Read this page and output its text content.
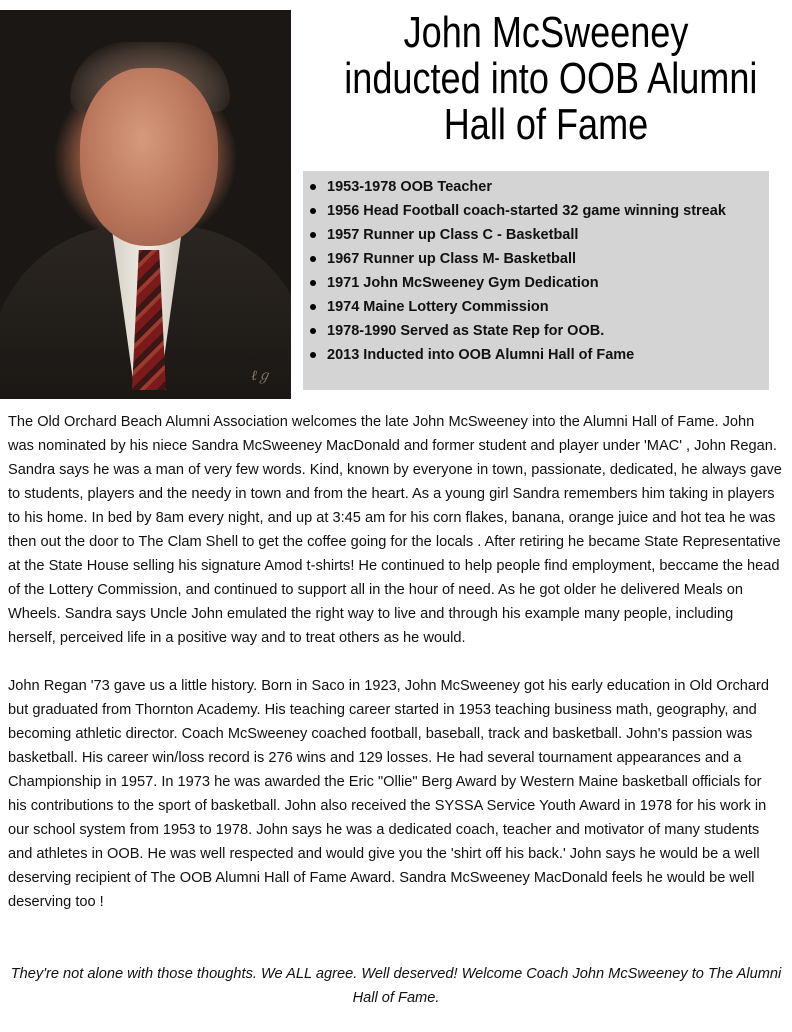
ℓℊ
John McSweeney
inducted into OOB Alumni
Hall of Fame
1953-1978 OOB Teacher
1956 Head Football coach-started 32 game winning streak
1957 Runner up Class C - Basketball
1967 Runner up Class M- Basketball
1971 John McSweeney Gym Dedication
1974 Maine Lottery Commission
1978-1990 Served as State Rep for OOB.
2013 Inducted into OOB Alumni Hall of Fame

The Old Orchard Beach Alumni Association welcomes the late John McSweeney into the Alumni Hall of Fame. John was nominated by his niece Sandra McSweeney MacDonald and former student and player under 'MAC' , John Regan. Sandra says he was a man of very few words. Kind, known by everyone in town, passionate, dedicated, he always gave to students, players and the needy in town and from the heart. As a young girl Sandra remembers him taking in players to his home. In bed by 8am every night, and up at 3:45 am for his corn flakes, banana, orange juice and hot tea he was then out the door to The Clam Shell to get the coffee going for the locals . After retiring he became State Representative at the State House selling his signature Amod t-shirts! He continued to help people find employment, beccame the head of the Lottery Commission, and continued to support all in the hour of need. As he got older he delivered Meals on Wheels. Sandra says Uncle John emulated the right way to live and through his example many people, including herself, perceived life in a positive way and to treat others as he would.

John Regan '73 gave us a little history. Born in Saco in 1923, John McSweeney got his early education in Old Orchard but graduated from Thornton Academy. His teaching career started in 1953 teaching business math, geography, and becoming athletic director. Coach McSweeney coached football, baseball, track and basketball. John's passion was basketball. His career win/loss record is 276 wins and 129 losses. He had several tournament appearances and a Championship in 1957. In 1973 he was awarded the Eric "Ollie" Berg Award by Western Maine basketball officials for his contributions to the sport of basketball. John also received the SYSSA Service Youth Award in 1978 for his work in our school system from 1953 to 1978. John says he was a dedicated coach, teacher and motivator of many students and athletes in OOB. He was well respected and would give you the 'shirt off his back.' John says he would be a well deserving recipient of The OOB Alumni Hall of Fame Award. Sandra McSweeney MacDonald feels he would be well deserving too !

They're not alone with those thoughts. We ALL agree. Well deserved! Welcome Coach John McSweeney to The Alumni Hall of Fame.
